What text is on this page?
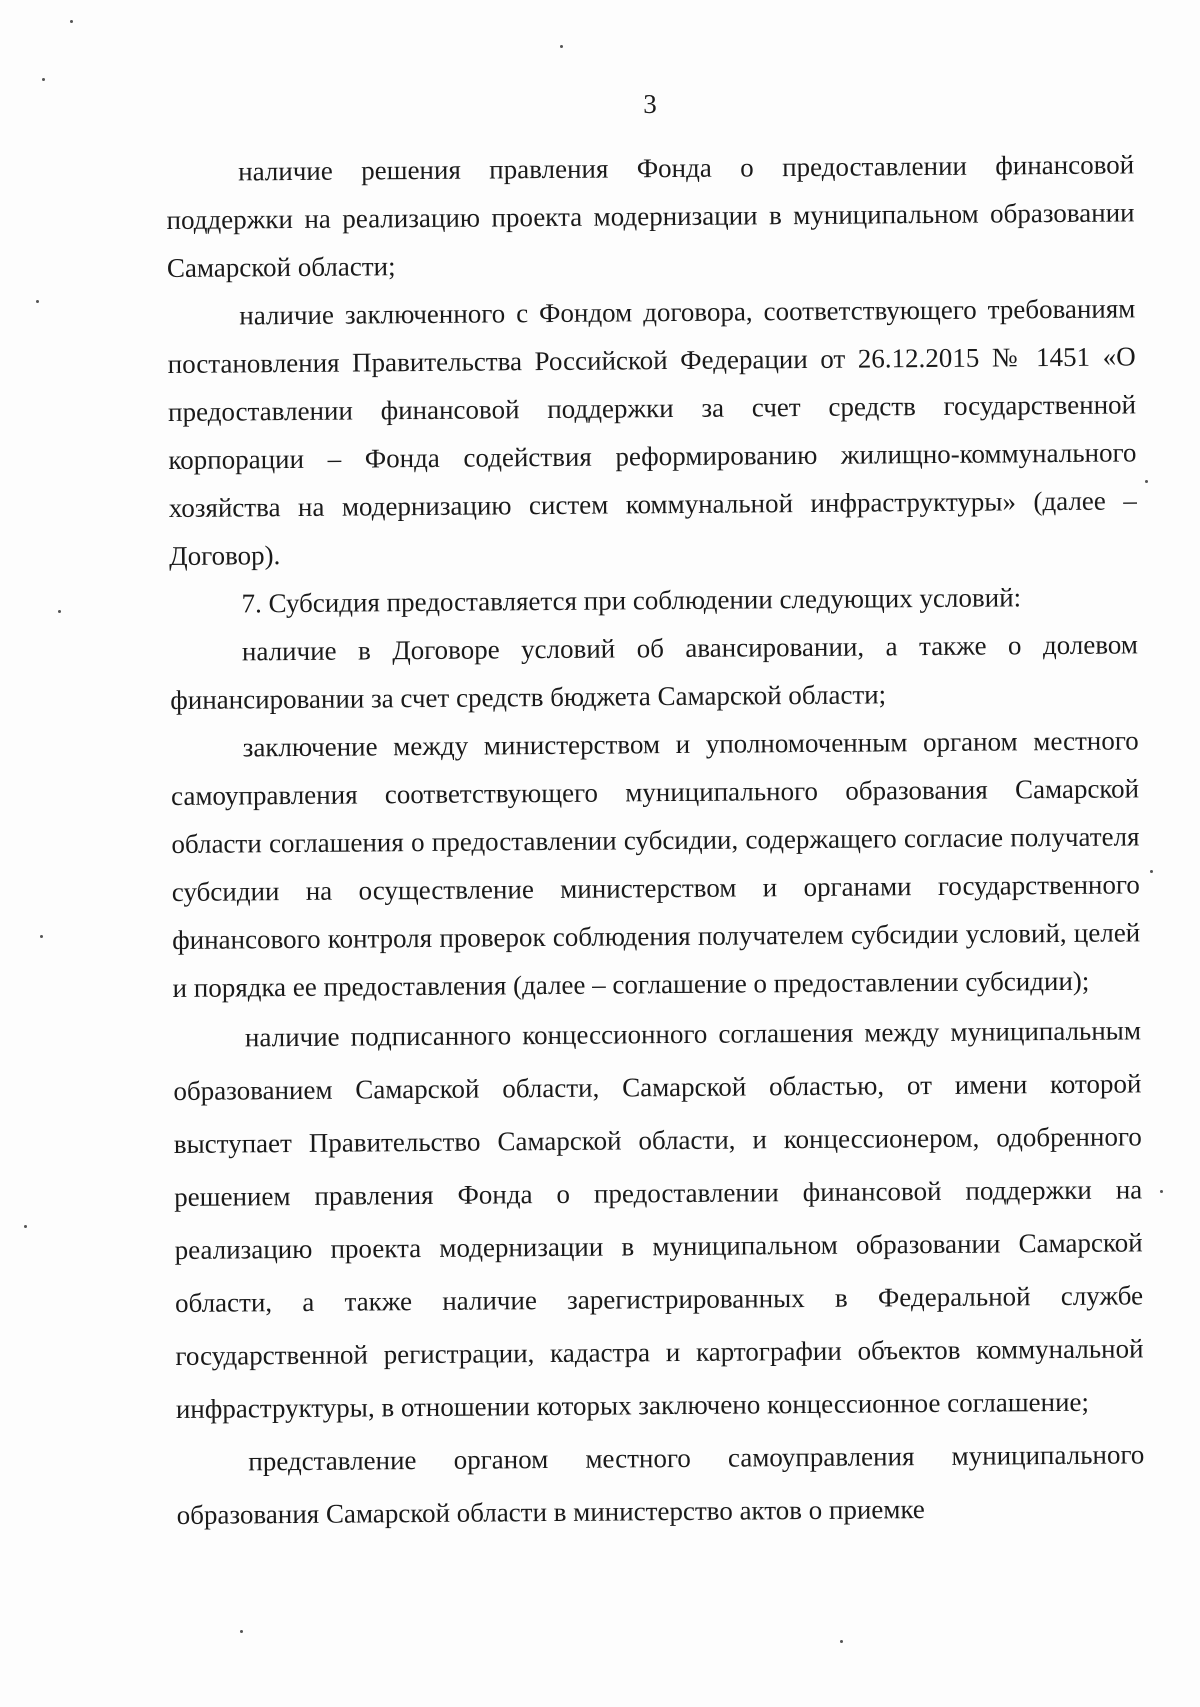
3

наличие решения правления Фонда о предоставлении финансовой поддержки на реализацию проекта модернизации в муниципальном образовании Самарской области;

наличие заключенного с Фондом договора, соответствующего требованиям постановления Правительства Российской Федерации от 26.12.2015 № 1451 «О предоставлении финансовой поддержки за счет средств государственной корпорации – Фонда содействия реформированию жилищно-коммунального хозяйства на модернизацию систем коммунальной инфраструктуры» (далее – Договор).

7. Субсидия предоставляется при соблюдении следующих условий:

наличие в Договоре условий об авансировании, а также о долевом финансировании за счет средств бюджета Самарской области;

заключение между министерством и уполномоченным органом местного самоуправления соответствующего муниципального образования Самарской области соглашения о предоставлении субсидии, содержащего согласие получателя субсидии на осуществление министерством и органами государственного финансового контроля проверок соблюдения получателем субсидии условий, целей и порядка ее предоставления (далее – соглашение о предоставлении субсидии);

наличие подписанного концессионного соглашения между муниципальным образованием Самарской области, Самарской областью, от имени которой выступает Правительство Самарской области, и концессионером, одобренного решением правления Фонда о предоставлении финансовой поддержки на реализацию проекта модернизации в муниципальном образовании Самарской области, а также наличие зарегистрированных в Федеральной службе государственной регистрации, кадастра и картографии объектов коммунальной инфраструктуры, в отношении которых заключено концессионное соглашение;

представление органом местного самоуправления муниципального образования Самарской области в министерство актов о приемке
